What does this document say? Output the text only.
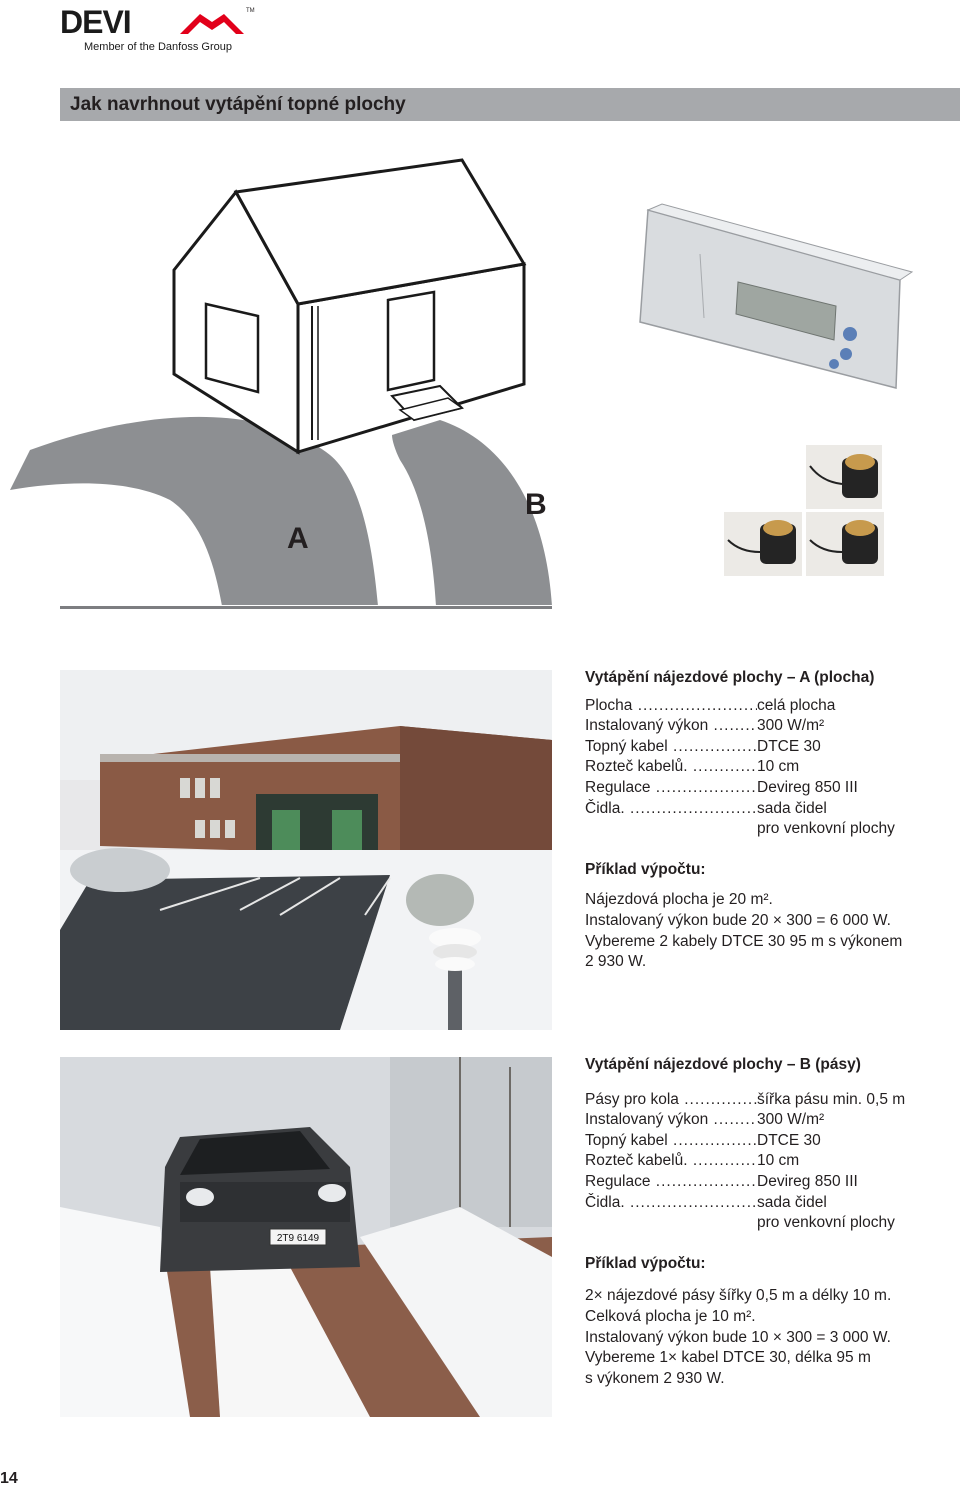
DEVI	TM
Member of the Danfoss Group
Jak navrhnout vytápění topné plochy
A
B
Vytápění nájezdové plochy – A (plocha)
Plocha .....	celá plocha
Instalovaný výkon .....	300 W/m²
Topný kabel .....	DTCE 30
Rozteč kabelů. .....	10 cm
Regulace .....	Devireg 850 III
Čidla. .....	sada čidel
pro venkovní plochy
Příklad výpočtu:
Nájezdová plocha je 20 m².
Instalovaný výkon bude 20 × 300 = 6 000 W.
Vybereme 2 kabely DTCE 30 95 m s výkonem
2 930 W.
2T9 6149
Vytápění nájezdové plochy – B (pásy)
Pásy pro kola .....	šířka pásu min. 0,5 m
Instalovaný výkon .....	300 W/m²
Topný kabel .....	DTCE 30
Rozteč kabelů. .....	10 cm
Regulace .....	Devireg 850 III
Čidla. .....	sada čidel
pro venkovní plochy
Příklad výpočtu:
2× nájezdové pásy šířky 0,5 m a délky 10 m.
Celková plocha je 10 m².
Instalovaný výkon bude 10 × 300 = 3 000 W.
Vybereme 1× kabel DTCE 30, délka 95 m
s výkonem 2 930 W.
14
